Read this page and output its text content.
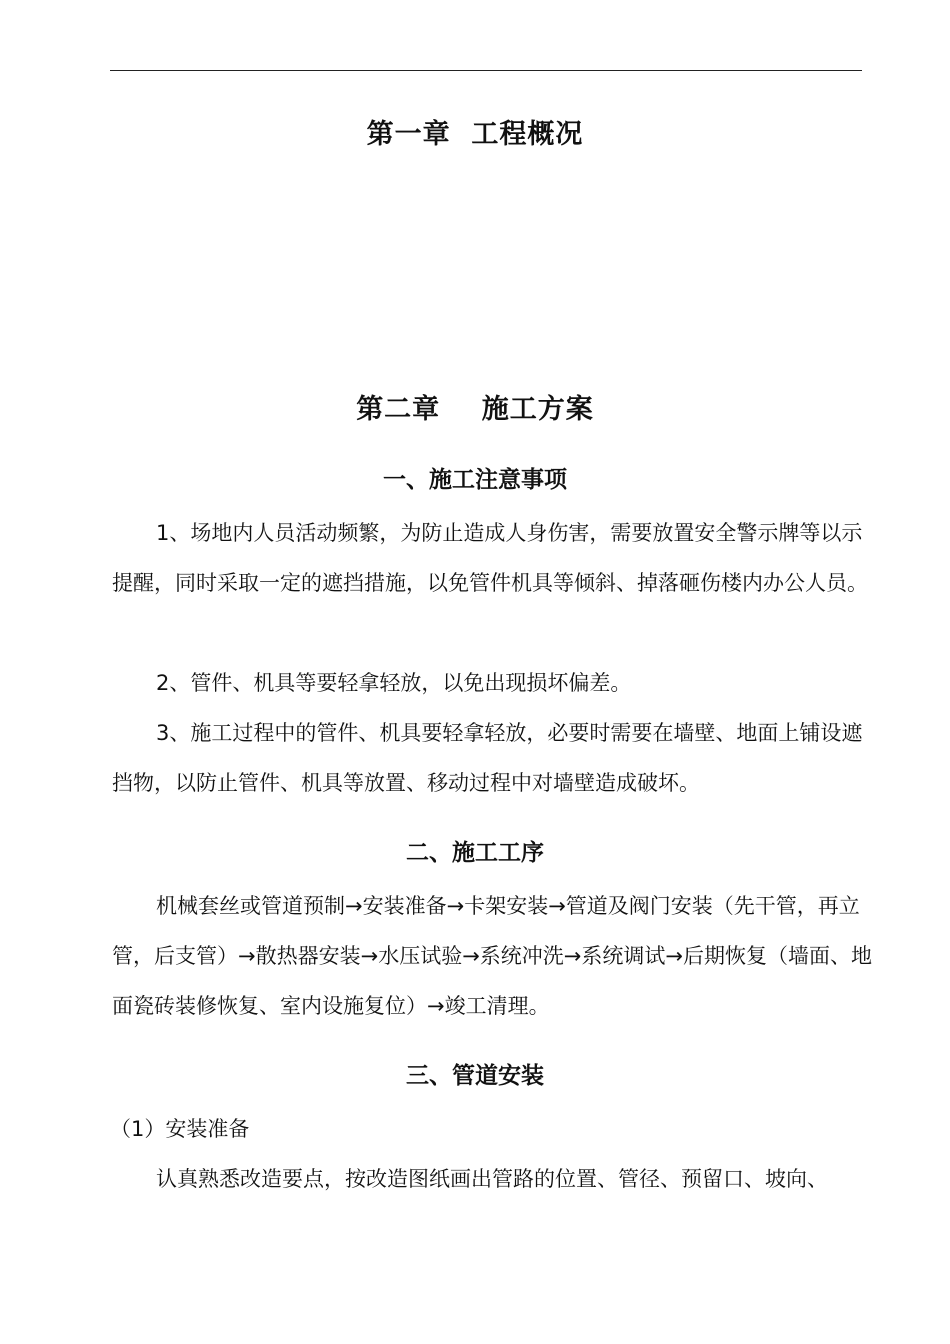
第一章  工程概况
第二章    施工方案
一、施工注意事项
1、场地内人员活动频繁，为防止造成人身伤害，需要放置安全警示牌等以示提醒，同时采取一定的遮挡措施，以免管件机具等倾斜、掉落砸伤楼内办公人员。
2、管件、机具等要轻拿轻放，以免出现损坏偏差。
3、施工过程中的管件、机具要轻拿轻放，必要时需要在墙壁、地面上铺设遮挡物，以防止管件、机具等放置、移动过程中对墙壁造成破坏。
二、施工工序
机械套丝或管道预制→安装准备→卡架安装→管道及阀门安装（先干管，再立管，后支管）→散热器安装→水压试验→系统冲洗→系统调试→后期恢复（墙面、地面瓷砖装修恢复、室内设施复位）→竣工清理。
三、管道安装
（1）安装准备
认真熟悉改造要点，按改造图纸画出管路的位置、管径、预留口、坡向、
